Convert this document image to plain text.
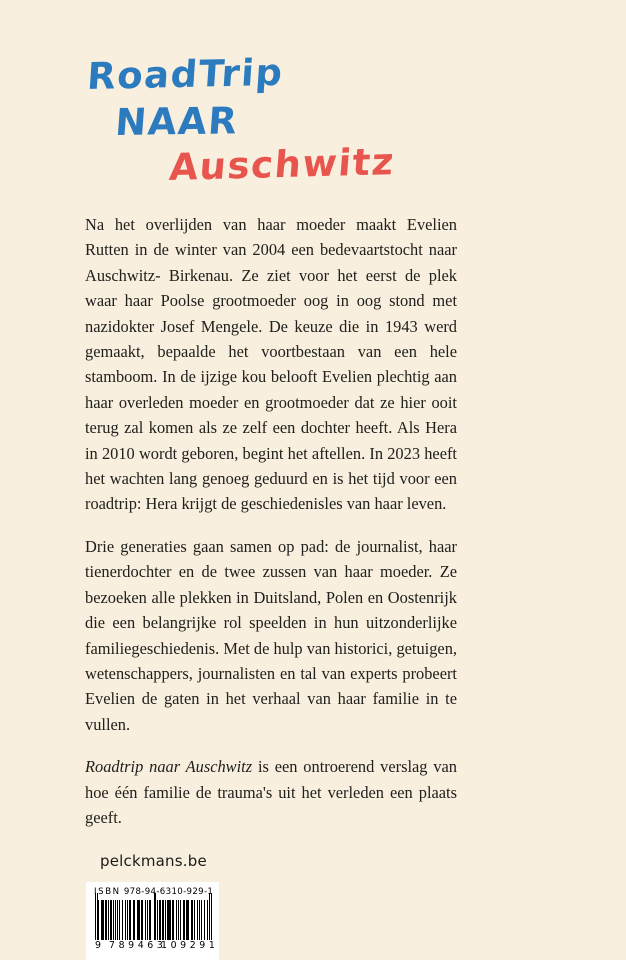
RoadTrip
NAAR
Auschwitz

Na het overlijden van haar moeder maakt Evelien Rutten in de winter van 2004 een bedevaartstocht naar Auschwitz- Birkenau. Ze ziet voor het eerst de plek waar haar Poolse grootmoeder oog in oog stond met nazidokter Josef Mengele. De keuze die in 1943 werd gemaakt, bepaalde het voortbestaan van een hele stamboom. In de ijzige kou belooft Evelien plechtig aan haar overleden moeder en grootmoeder dat ze hier ooit terug zal komen als ze zelf een dochter heeft. Als Hera in 2010 wordt geboren, begint het aftellen. In 2023 heeft het wachten lang genoeg geduurd en is het tijd voor een roadtrip: Hera krijgt de geschiedenisles van haar leven.

Drie generaties gaan samen op pad: de journalist, haar tienerdochter en de twee zussen van haar moeder. Ze bezoeken alle plekken in Duitsland, Polen en Oostenrijk die een belangrijke rol speelden in hun uitzonderlijke familiegeschiedenis. Met de hulp van historici, getuigen, wetenschappers, journalisten en tal van experts probeert Evelien de gaten in het verhaal van haar familie in te vullen.

Roadtrip naar Auschwitz is een ontroerend verslag van hoe één familie de trauma's uit het verleden een plaats geeft.

pelckmans.be
ISBN 978-94-6310-929-1
9 789463
109291
